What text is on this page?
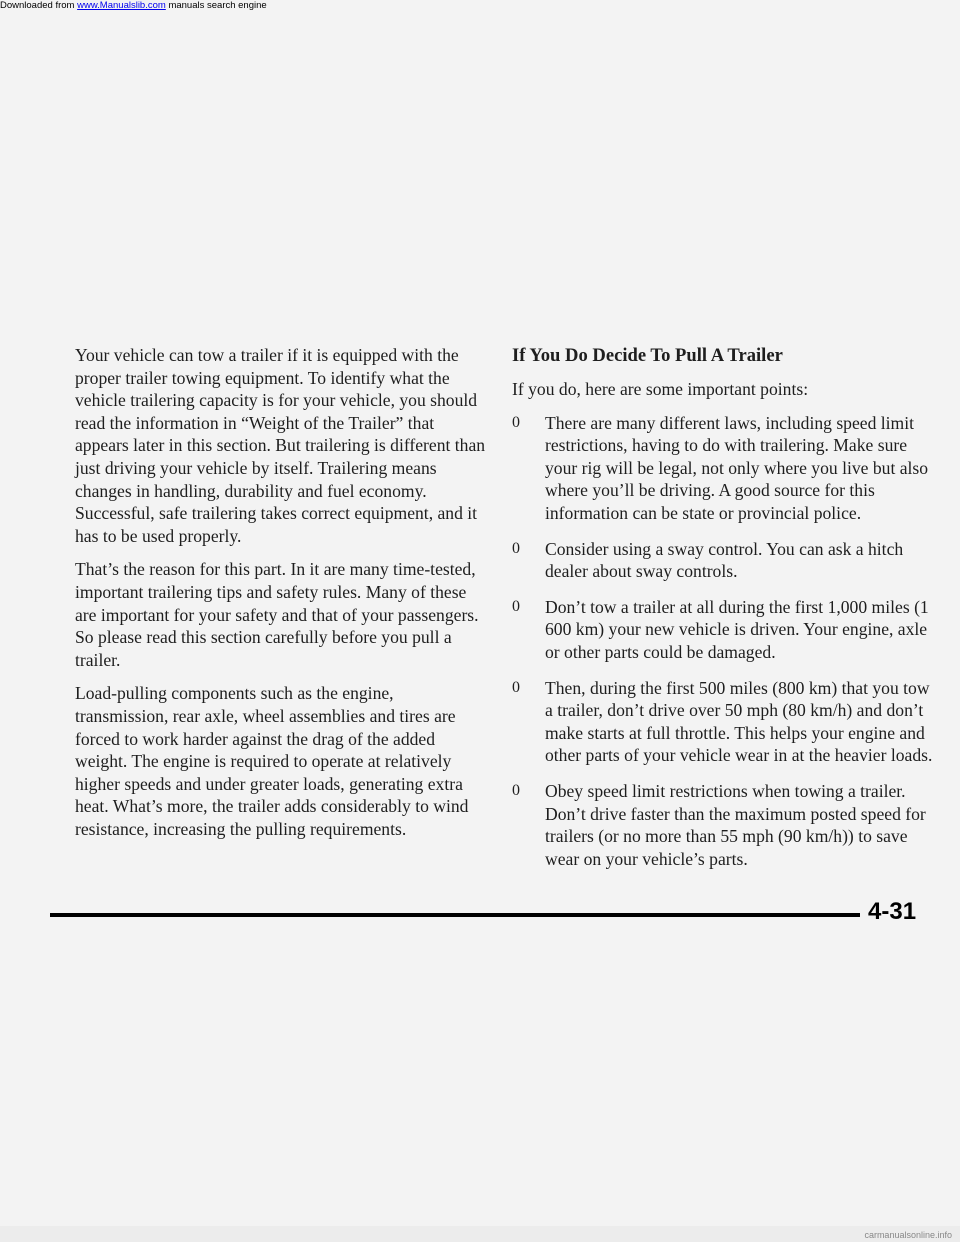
Downloaded from www.Manualslib.com manuals search engine

Your vehicle can tow a trailer if it is equipped with the proper trailer towing equipment. To identify what the vehicle trailering capacity is for your vehicle, you should read the information in “Weight of the Trailer” that appears later in this section. But trailering is different than just driving your vehicle by itself. Trailering means changes in handling, durability and fuel economy. Successful, safe trailering takes correct equipment, and it has to be used properly.

That’s the reason for this part. In it are many time-tested, important trailering tips and safety rules. Many of these are important for your safety and that of your passengers. So please read this section carefully before you pull a trailer.

Load-pulling components such as the engine, transmission, rear axle, wheel assemblies and tires are forced to work harder against the drag of the added weight. The engine is required to operate at relatively higher speeds and under greater loads, generating extra heat. What’s more, the trailer adds considerably to wind resistance, increasing the pulling requirements.

If You Do Decide To Pull A Trailer

If you do, here are some important points:

0 There are many different laws, including speed limit restrictions, having to do with trailering. Make sure your rig will be legal, not only where you live but also where you’ll be driving. A good source for this information can be state or provincial police.
0 Consider using a sway control. You can ask a hitch dealer about sway controls.
0 Don’t tow a trailer at all during the first 1,000 miles (1 600 km) your new vehicle is driven. Your engine, axle or other parts could be damaged.
0 Then, during the first 500 miles (800 km) that you tow a trailer, don’t drive over 50 mph (80 km/h) and don’t make starts at full throttle. This helps your engine and other parts of your vehicle wear in at the heavier loads.
0 Obey speed limit restrictions when towing a trailer. Don’t drive faster than the maximum posted speed for trailers (or no more than 55 mph (90 km/h)) to save wear on your vehicle’s parts.
4-31
carmanualsonline.info
